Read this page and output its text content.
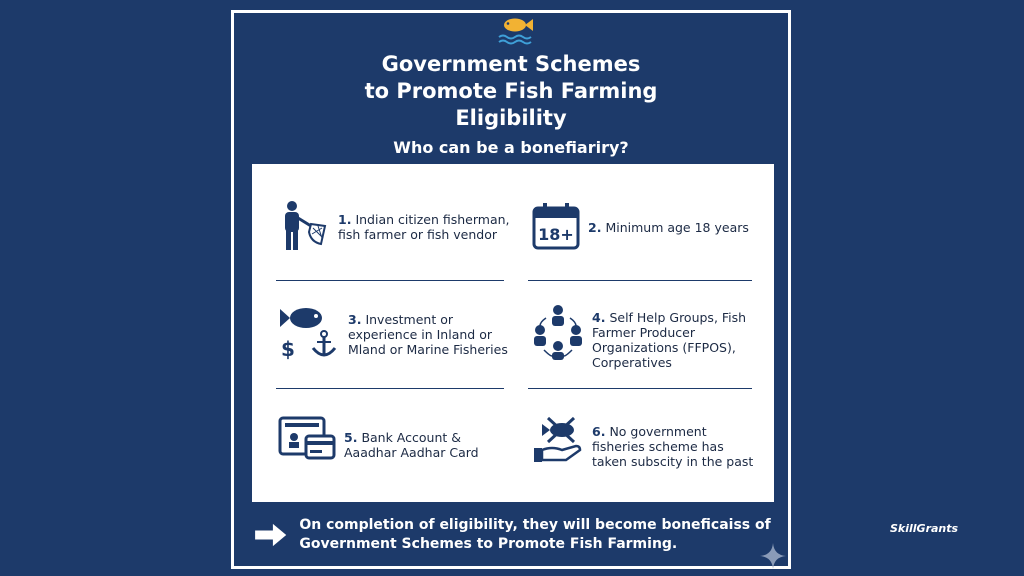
Government Schemes
to Promote Fish Farming
Eligibility
Who can be a bonefiariry?
1. Indian citizen fisherman, fish farmer or fish vendor	18+ 2. Minimum age 18 years
$
3. Investment or experience in Inland or Mland or Marine Fisheries
4. Self Help Groups, Fish Farmer Producer Organizations (FFPOS), Corperatives
5. Bank Account & Aaadhar Aadhar Card
6. No government fisheries scheme has taken subscity in the past
On completion of eligibility, they will become boneficaiss of Government Schemes to Promote Fish Farming.
SkillGrants
